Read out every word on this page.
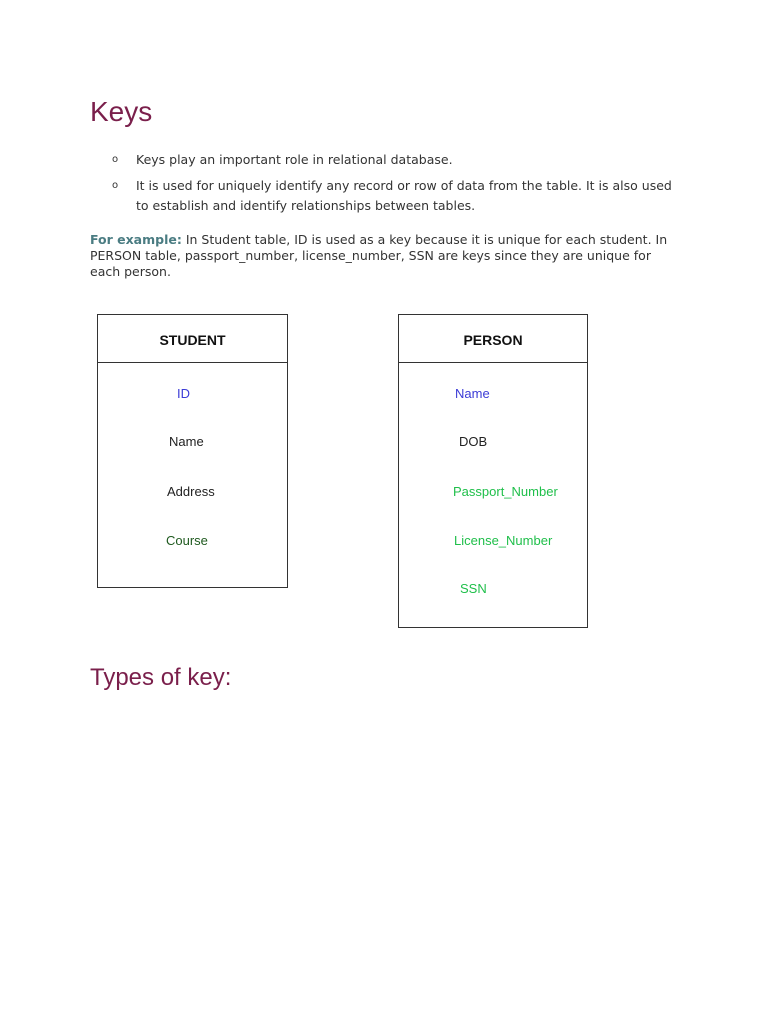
Keys
o Keys play an important role in relational database.
o It is used for uniquely identify any record or row of data from the table. It is also used to establish and identify relationships between tables.

For example: In Student table, ID is used as a key because it is unique for each student. In PERSON table, passport_number, license_number, SSN are keys since they are unique for each person.

STUDENT
ID
Name
Address
Course
PERSON
Name
DOB
Passport_Number
License_Number
SSN
Types of key:
